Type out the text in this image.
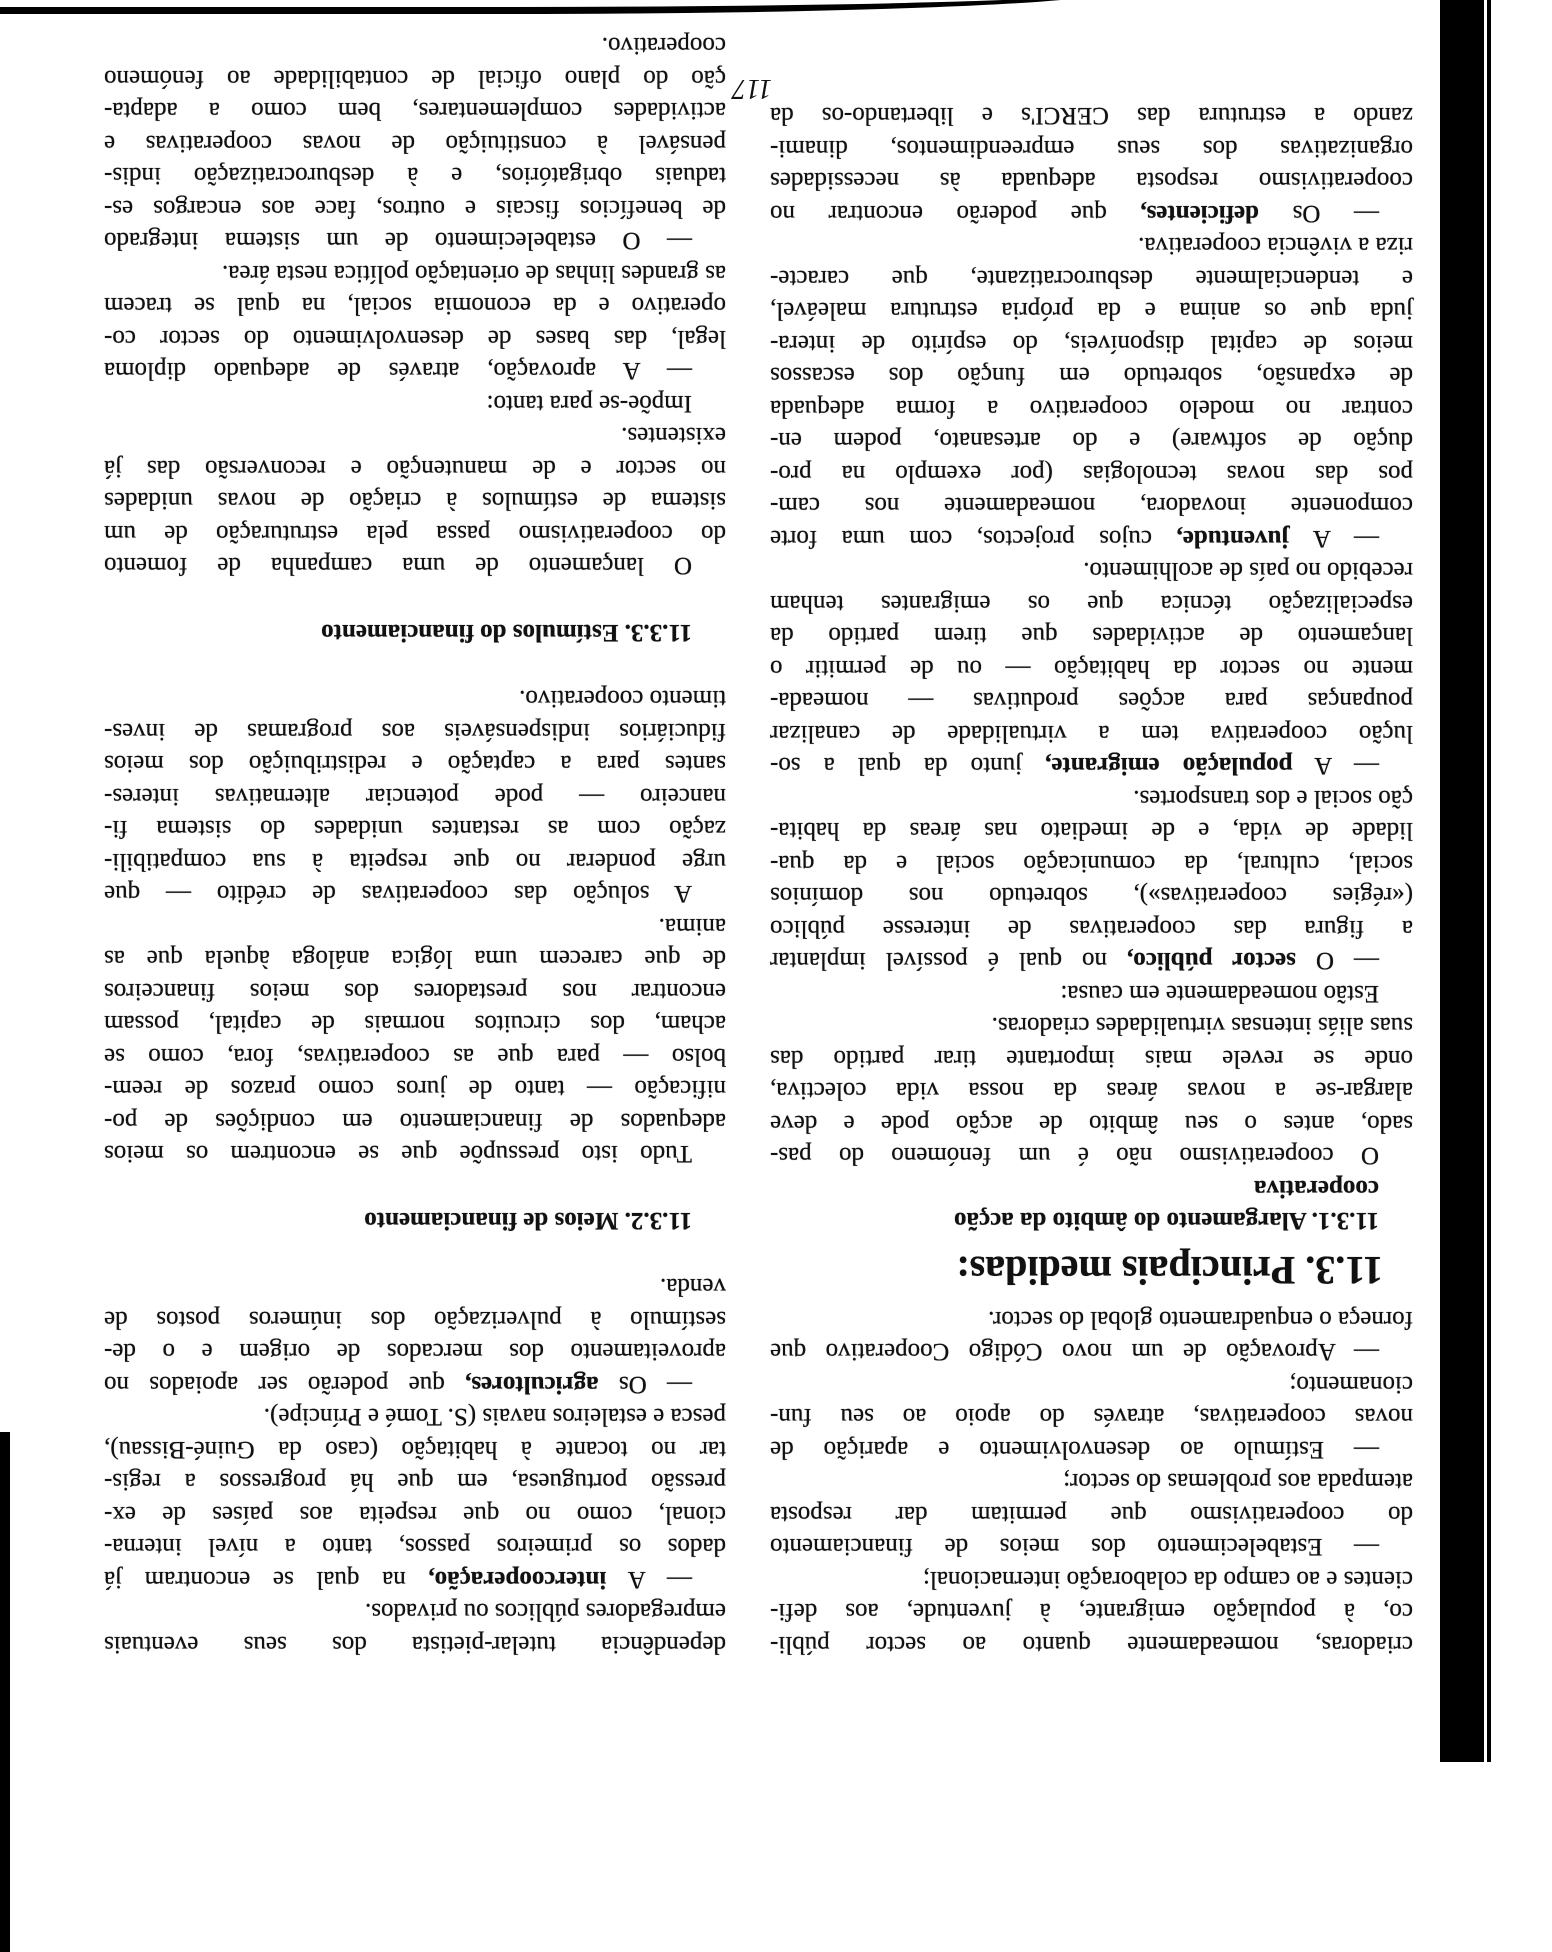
criadoras, nomeadamente quanto ao sector públi-
co, à população emigrante, à juventude, aos defi-
cientes e ao campo da colaboração internacional;
— Estabelecimento dos meios de financiamento
do cooperativismo que permitam dar resposta
atempada aos problemas do sector;
— Estímulo ao desenvolvimento e aparição de
novas cooperativas, através do apoio ao seu fun-
cionamento;
— Aprovação de um novo Código Cooperativo que
forneça o enquadramento global do sector.
11.3. Principais medidas:
11.3.1. Alargamento do âmbito da acção
cooperativa
O cooperativismo não é um fenómeno do pas-
sado, antes o seu âmbito de acção pode e deve
alargar-se a novas áreas da nossa vida colectiva,
onde se revele mais importante tirar partido das
suas aliás intensas virtualidades criadoras.
Estão nomeadamente em causa:
— O sector público, no qual é possível implantar
a figura das cooperativas de interesse público
(«régies cooperativas»), sobretudo nos domínios
social, cultural, da comunicação social e da qua-
lidade de vida, e de imediato nas áreas da habita-
ção social e dos transportes.
— A população emigrante, junto da qual a so-
lução cooperativa tem a virtualidade de canalizar
poupanças para acções produtivas — nomeada-
mente no sector da habitação — ou de permitir o
lançamento de actividades que tirem partido da
especialização técnica que os emigrantes tenham
recebido no país de acolhimento.
— A juventude, cujos projectos, com uma forte
componente inovadora, nomeadamente nos cam-
pos das novas tecnologias (por exemplo na pro-
dução de software) e do artesanato, podem en-
contrar no modelo cooperativo a forma adequada
de expansão, sobretudo em função dos escassos
meios de capital disponíveis, do espírito de intera-
juda que os anima e da própria estrutura maleável,
e tendencialmente desburocratizante, que caracte-
riza a vivência cooperativa.
— Os deficientes, que poderão encontrar no
cooperativismo resposta adequada às necessidades
organizativas dos seus empreendimentos, dinami-
zando a estrutura das CERCI's e libertando-os da
dependência tutelar-pietista dos seus eventuais
empregadores públicos ou privados.
— A intercooperação, na qual se encontram já
dados os primeiros passos, tanto a nível interna-
cional, como no que respeita aos países de ex-
pressão portuguesa, em que há progressos a regis-
tar no tocante à habitação (caso da Guiné-Bissau),
pesca e estaleiros navais (S. Tomé e Príncipe).
— Os agricultores, que poderão ser apoiados no
aproveitamento dos mercados de origem e o de-
sestímulo à pulverização dos inúmeros postos de
venda.
11.3.2. Meios de financiamento
Tudo isto pressupõe que se encontrem os meios
adequados de financiamento em condições de po-
nificação — tanto de juros como prazos de reem-
bolso — para que as cooperativas, fora, como se
acham, dos circuitos normais de capital, possam
encontrar nos prestadores dos meios financeiros
de que carecem uma lógica análoga àquela que as
anima.
A solução das cooperativas de crédito — que
urge ponderar no que respeita à sua compatibili-
zação com as restantes unidades do sistema fi-
nanceiro — pode potenciar alternativas interes-
santes para a captação e redistribuição dos meios
fiduciários indispensáveis aos programas de inves-
timento cooperativo.
11.3.3. Estímulos do financiamento
O lançamento de uma campanha de fomento
do cooperativismo passa pela estruturação de um
sistema de estímulos à criação de novas unidades
no sector e de manutenção e reconversão das já
existentes.
Impõe-se para tanto:
— A aprovação, através de adequado diploma
legal, das bases de desenvolvimento do sector co-
operativo e da economia social, na qual se tracem
as grandes linhas de orientação política nesta área.
— O estabelecimento de um sistema integrado
de benefícios fiscais e outros, face aos encargos es-
taduais obrigatórios, e à desburocratização indis-
pensável à constituição de novas cooperativas e
actividades complementares, bem como a adapta-
ção do plano oficial de contabilidade ao fenómeno
cooperativo.
117
